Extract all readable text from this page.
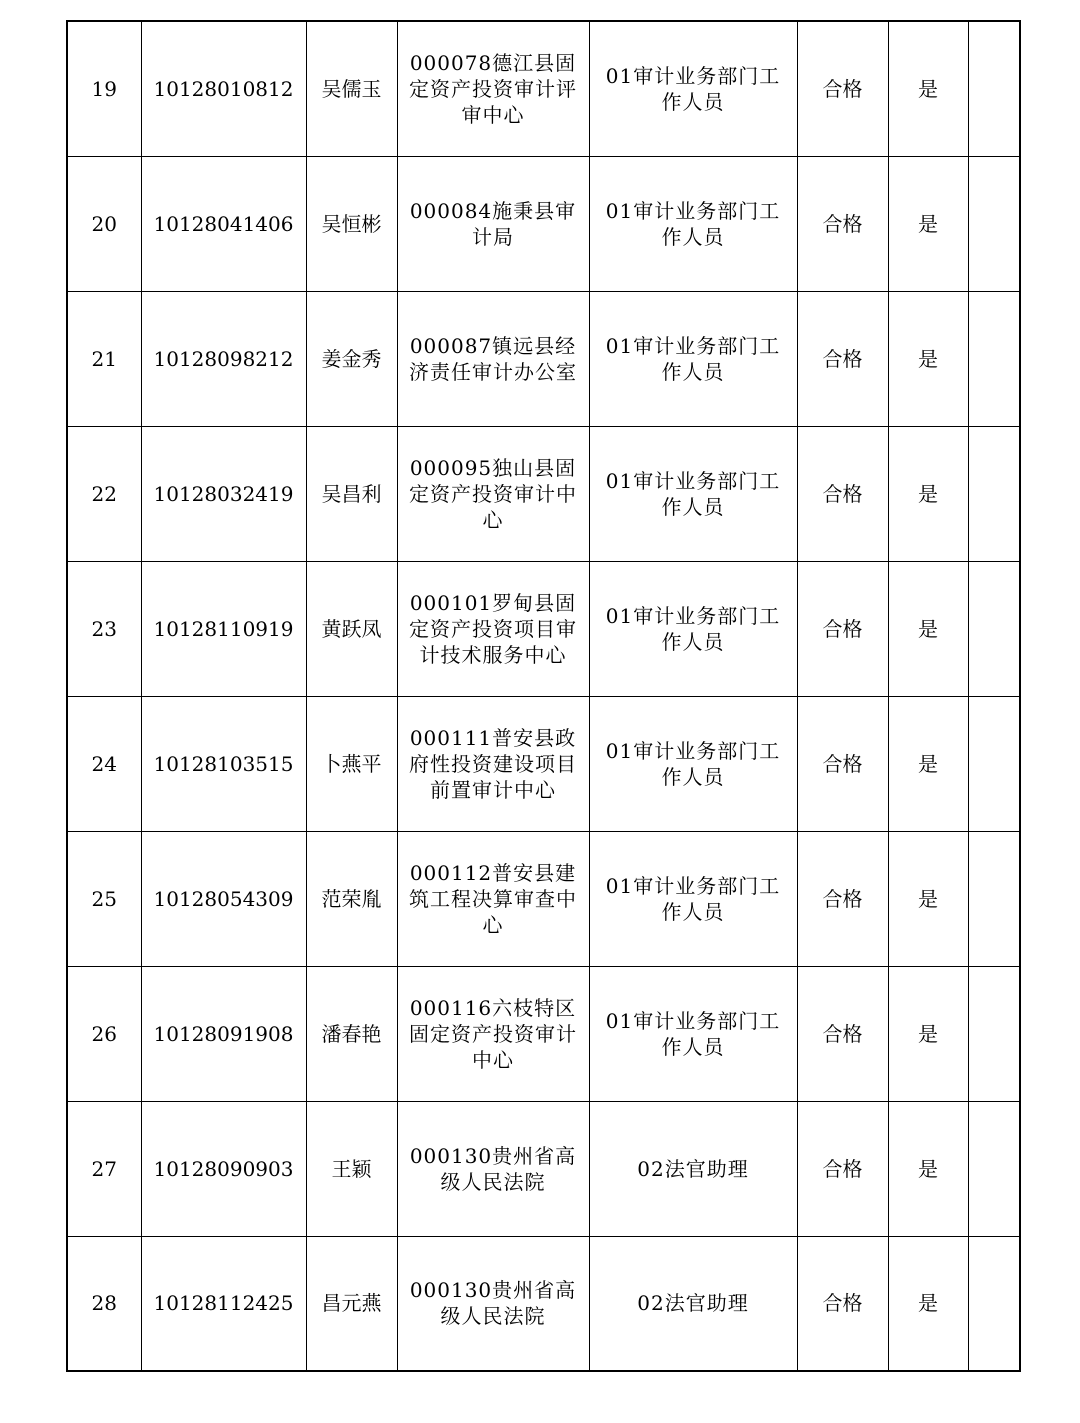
19	10128010812	吴儒玉	000078德江县固定资产投资审计评审中心	01审计业务部门工作人员	合格	是	
20	10128041406	吴恒彬	000084施秉县审计局	01审计业务部门工作人员	合格	是	
21	10128098212	姜金秀	000087镇远县经济责任审计办公室	01审计业务部门工作人员	合格	是	
22	10128032419	吴昌利	000095独山县固定资产投资审计中心	01审计业务部门工作人员	合格	是	
23	10128110919	黄跃凤	000101罗甸县固定资产投资项目审计技术服务中心	01审计业务部门工作人员	合格	是	
24	10128103515	卜燕平	000111普安县政府性投资建设项目前置审计中心	01审计业务部门工作人员	合格	是	
25	10128054309	范荣胤	000112普安县建筑工程决算审查中心	01审计业务部门工作人员	合格	是	
26	10128091908	潘春艳	000116六枝特区固定资产投资审计中心	01审计业务部门工作人员	合格	是	
27	10128090903	王颖	000130贵州省高级人民法院	02法官助理	合格	是	
28	10128112425	昌元燕	000130贵州省高级人民法院	02法官助理	合格	是	
